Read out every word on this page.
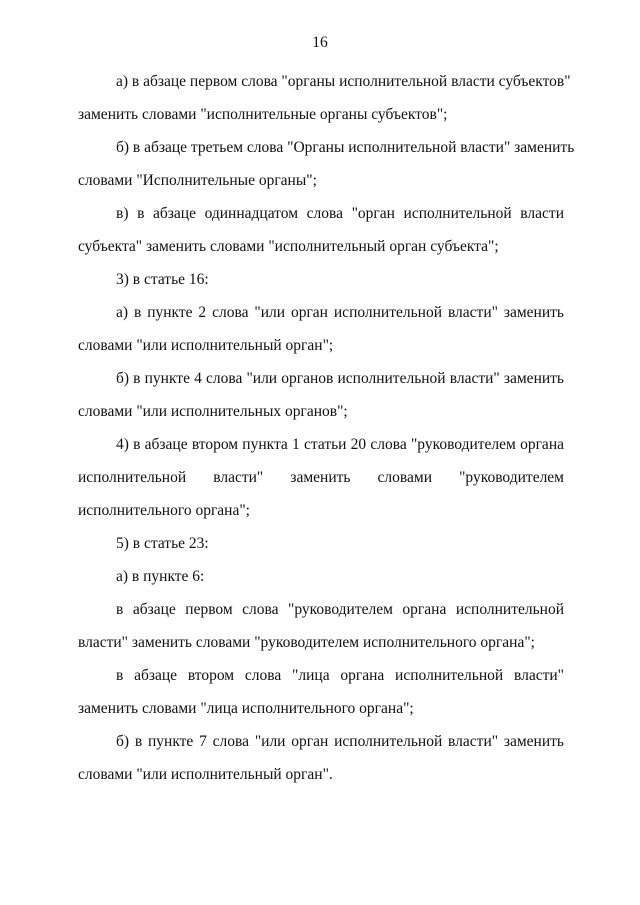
16
а) в абзаце первом слова "органы исполнительной власти субъектов"
заменить словами "исполнительные органы субъектов";
б) в абзаце третьем слова "Органы исполнительной власти" заменить
словами "Исполнительные органы";
в) в абзаце одиннадцатом слова "орган исполнительной власти
субъекта" заменить словами "исполнительный орган субъекта";
3) в статье 16:
а) в пункте 2 слова "или орган исполнительной власти" заменить
словами "или исполнительный орган";
б) в пункте 4 слова "или органов исполнительной власти" заменить
словами "или исполнительных органов";
4) в абзаце втором пункта 1 статьи 20 слова "руководителем органа
исполнительной власти" заменить словами "руководителем
исполнительного органа";
5) в статье 23:
а) в пункте 6:
в абзаце первом слова "руководителем органа исполнительной
власти" заменить словами "руководителем исполнительного органа";
в абзаце втором слова "лица органа исполнительной власти"
заменить словами "лица исполнительного органа";
б) в пункте 7 слова "или орган исполнительной власти" заменить
словами "или исполнительный орган".
